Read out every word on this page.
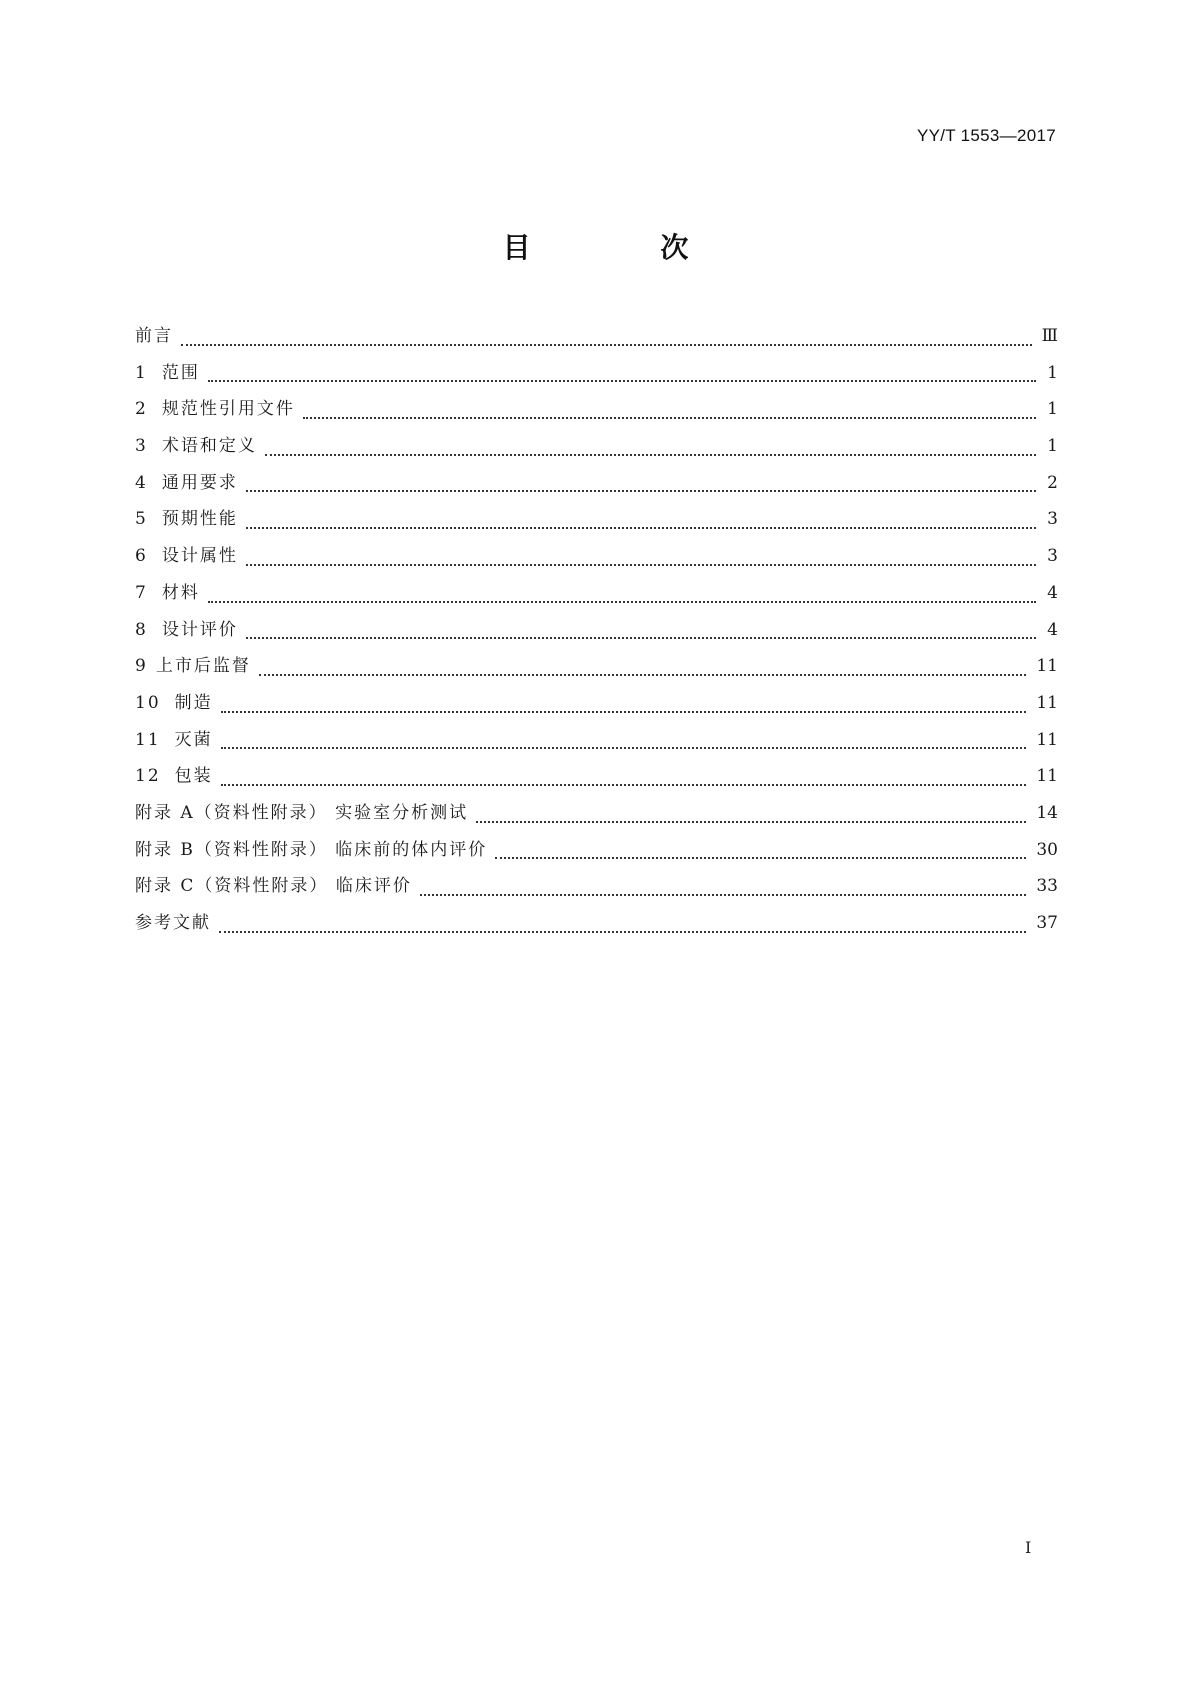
YY/T 1553—2017
目 次
前言	Ⅲ
1 范围	1
2 规范性引用文件	1
3 术语和定义	1
4 通用要求	2
5 预期性能	3
6 设计属性	3
7 材料	4
8 设计评价	4
9 上市后监督	11
10 制造	11
11 灭菌	11
12 包装	11
附录 A（资料性附录） 实验室分析测试	14
附录 B（资料性附录） 临床前的体内评价	30
附录 C（资料性附录） 临床评价	33
参考文献	37
I
